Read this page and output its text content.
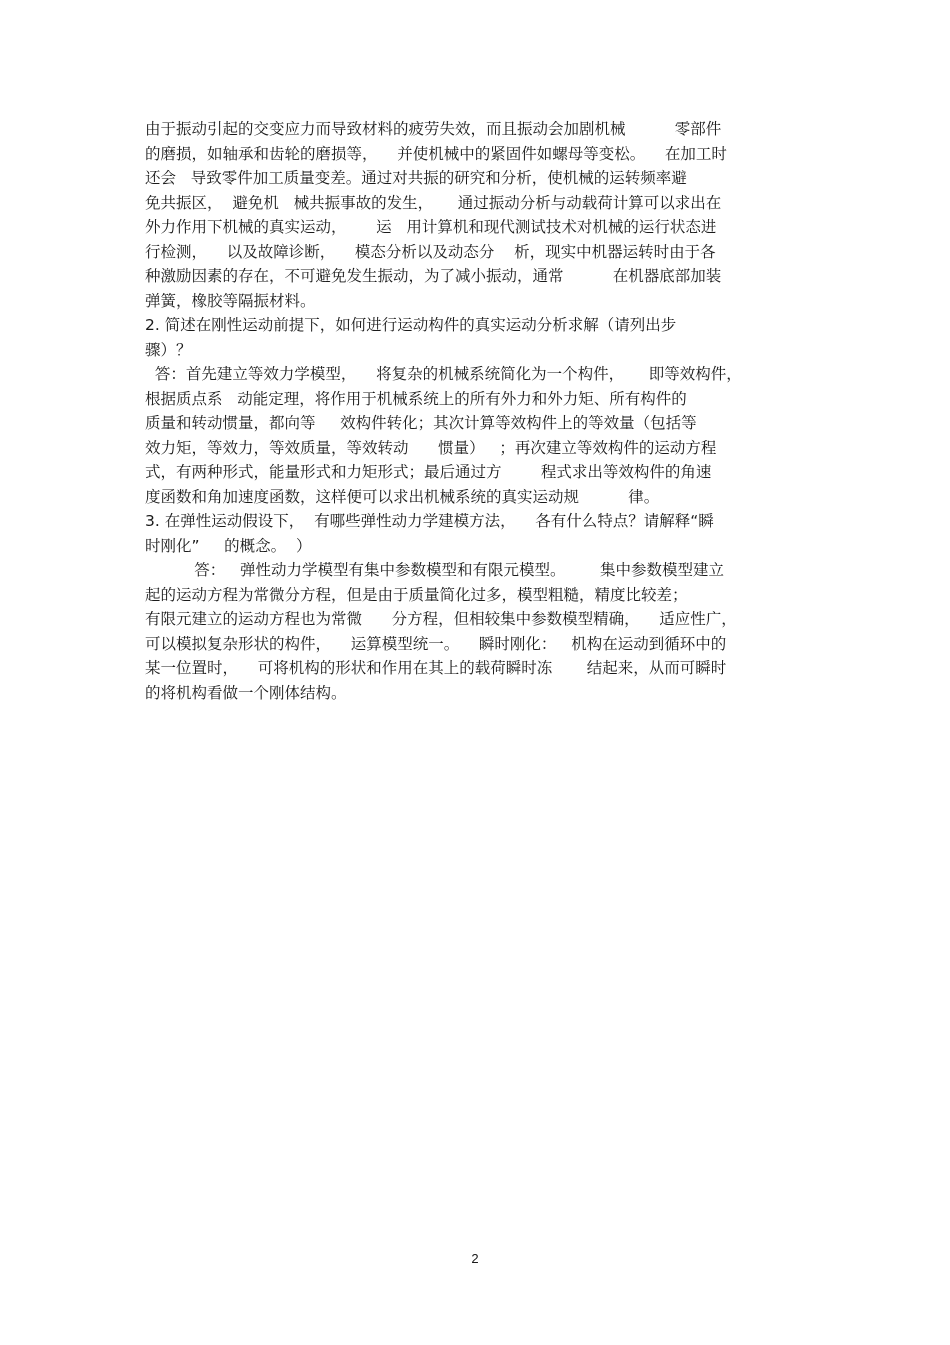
由于振动引起的交变应力而导致材料的疲劳失效，而且振动会加剧机械          零部件
的磨损，如轴承和齿轮的磨损等，    并使机械中的紧固件如螺母等变松。    在加工时
还会   导致零件加工质量变差。通过对共振的研究和分析，使机械的运转频率避
免共振区，  避免机   械共振事故的发生，     通过振动分析与动载荷计算可以求出在
外力作用下机械的真实运动，      运   用计算机和现代测试技术对机械的运行状态进
行检测，    以及故障诊断，    模态分析以及动态分    析，现实中机器运转时由于各
种激励因素的存在，不可避免发生振动，为了减小振动，通常          在机器底部加装
弹簧，橡胶等隔振材料。
2. 简述在刚性运动前提下，如何进行运动构件的真实运动分析求解（请列出步
骤）？
答：首先建立等效力学模型，    将复杂的机械系统简化为一个构件，     即等效构件，
根据质点系   动能定理，将作用于机械系统上的所有外力和外力矩、所有构件的
质量和转动惯量，都向等     效构件转化；其次计算等效构件上的等效量（包括等
效力矩，等效力，等效质量，等效转动      惯量）   ；再次建立等效构件的运动方程
式，有两种形式，能量形式和力矩形式；最后通过方        程式求出等效构件的角速
度函数和角加速度函数，这样便可以求出机械系统的真实运动规          律。
3. 在弹性运动假设下，  有哪些弹性动力学建模方法，    各有什么特点？请解释“瞬
时刚化”     的概念。  ）
答：   弹性动力学模型有集中参数模型和有限元模型。       集中参数模型建立
起的运动方程为常微分方程，但是由于质量简化过多，模型粗糙，精度比较差；
有限元建立的运动方程也为常微      分方程，但相较集中参数模型精确，    适应性广，
可以模拟复杂形状的构件，    运算模型统一。    瞬时刚化：   机构在运动到循环中的
某一位置时，    可将机构的形状和作用在其上的载荷瞬时冻       结起来，从而可瞬时
的将机构看做一个刚体结构。
2
